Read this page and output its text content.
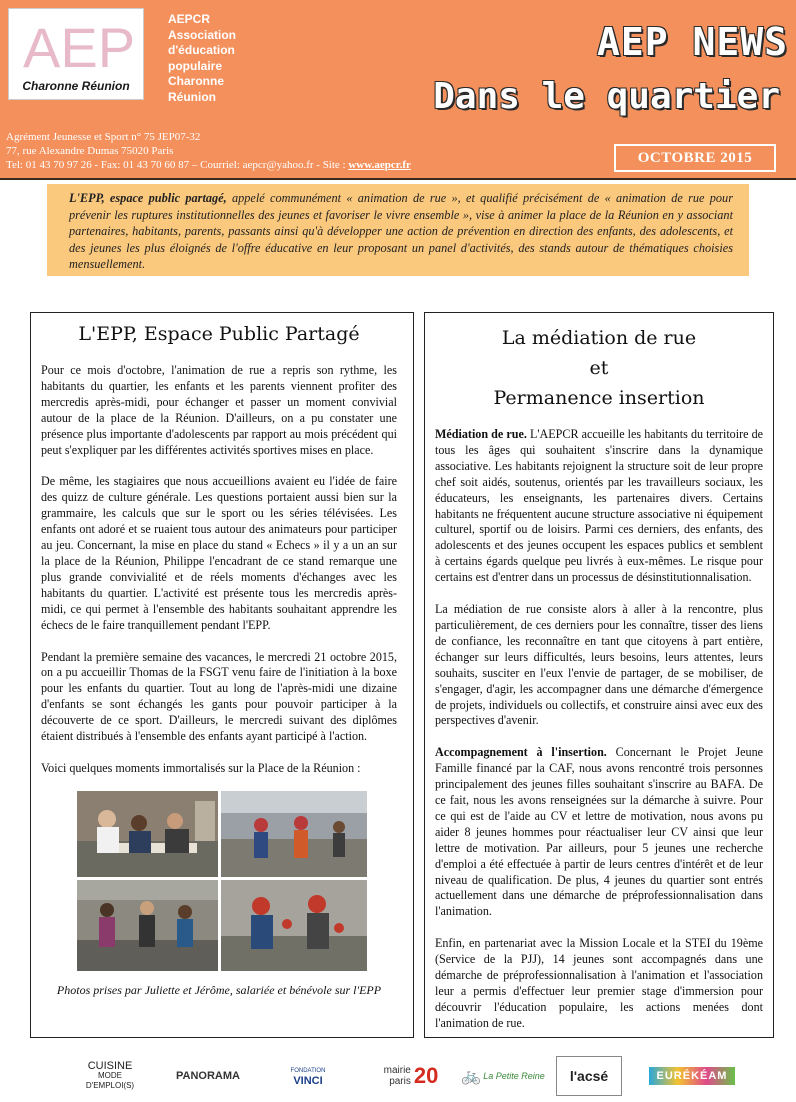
AEP
Charonne Réunion
AEPCR
Association
d'éducation
populaire
Charonne
Réunion
AEP NEWS
Dans le quartier
Agrément Jeunesse et Sport n° 75 JEP07-32
77, rue Alexandre Dumas 75020 Paris
Tel: 01 43 70 97 26 - Fax: 01 43 70 60 87 – Courriel: aepcr@yahoo.fr - Site : www.aepcr.fr	OCTOBRE 2015
L'EPP, espace public partagé, appelé communément « animation de rue », et qualifié précisément de « animation de rue pour prévenir les ruptures institutionnelles des jeunes et favoriser le vivre ensemble », vise à animer la place de la Réunion en y associant partenaires, habitants, parents, passants ainsi qu'à développer une action de prévention en direction des enfants, des adolescents, et des jeunes les plus éloignés de l'offre éducative en leur proposant un panel d'activités, des stands autour de thématiques choisies mensuellement.
L'EPP, Espace Public Partagé

Pour ce mois d'octobre, l'animation de rue a repris son rythme, les habitants du quartier, les enfants et les parents viennent profiter des mercredis après-midi, pour échanger et passer un moment convivial autour de la place de la Réunion. D'ailleurs, on a pu constater une présence plus importante d'adolescents par rapport au mois précédent qui peut s'expliquer par les différentes activités sportives mises en place.

De même, les stagiaires que nous accueillions avaient eu l'idée de faire des quizz de culture générale. Les questions portaient aussi bien sur la grammaire, les calculs que sur le sport ou les séries télévisées. Les enfants ont adoré et se ruaient tous autour des animateurs pour participer au jeu. Concernant, la mise en place du stand « Echecs » il y a un an sur la place de la Réunion, Philippe l'encadrant de ce stand remarque une plus grande convivialité et de réels moments d'échanges avec les habitants du quartier. L'activité est présente tous les mercredis après-midi, ce qui permet à l'ensemble des habitants souhaitant apprendre les échecs de le faire tranquillement pendant l'EPP.

Pendant la première semaine des vacances, le mercredi 21 octobre 2015, on a pu accueillir Thomas de la FSGT venu faire de l'initiation à la boxe pour les enfants du quartier. Tout au long de l'après-midi une dizaine d'enfants se sont échangés les gants pour pouvoir participer à la découverte de ce sport. D'ailleurs, le mercredi suivant des diplômes étaient distribués à l'ensemble des enfants ayant participé à l'action.

Voici quelques moments immortalisés sur la Place de la Réunion :

Photos prises par Juliette et Jérôme, salariée et bénévole sur l'EPP
La médiation de rue
et
Permanence insertion

Médiation de rue. L'AEPCR accueille les habitants du territoire de tous les âges qui souhaitent s'inscrire dans la dynamique associative. Les habitants rejoignent la structure soit de leur propre chef soit aidés, soutenus, orientés par les travailleurs sociaux, les éducateurs, les enseignants, les partenaires divers. Certains habitants ne fréquentent aucune structure associative ni équipement culturel, sportif ou de loisirs. Parmi ces derniers, des enfants, des adolescents et des jeunes occupent les espaces publics et semblent à certains égards quelque peu livrés à eux-mêmes. Le risque pour certains est d'entrer dans un processus de désinstitutionnalisation.

La médiation de rue consiste alors à aller à la rencontre, plus particulièrement, de ces derniers pour les connaître, tisser des liens de confiance, les reconnaître en tant que citoyens à part entière, échanger sur leurs difficultés, leurs besoins, leurs attentes, leurs souhaits, susciter en l'eux l'envie de partager, de se mobiliser, de s'engager, d'agir, les accompagner dans une démarche d'émergence de projets, individuels ou collectifs, et construire ainsi avec eux des perspectives d'avenir.

Accompagnement à l'insertion. Concernant le Projet Jeune Famille financé par la CAF, nous avons rencontré trois personnes principalement des jeunes filles souhaitant s'inscrire au BAFA. De ce fait, nous les avons renseignées sur la démarche à suivre. Pour ce qui est de l'aide au CV et lettre de motivation, nous avons pu aider 8 jeunes hommes pour réactualiser leur CV ainsi que leur lettre de motivation. Par ailleurs, pour 5 jeunes une recherche d'emploi a été effectuée à partir de leurs centres d'intérêt et de leur niveau de qualification. De plus, 4 jeunes du quartier sont entrés actuellement dans une démarche de préprofessionnalisation dans l'animation.

Enfin, en partenariat avec la Mission Locale et la STEI du 19ème (Service de la PJJ), 14 jeunes sont accompagnés dans une démarche de préprofessionnalisation à l'animation et l'association leur a permis d'effectuer leur premier stage d'immersion pour découvrir l'éducation populaire, les actions menées dont l'animation de rue.

CUISINE
MODE
D'EMPLOI(S)
PANORAMA	FONDATION
VINCI
mairie
paris 20 🚲 La Petite Reine l'acsé	EURÉKÉAM
